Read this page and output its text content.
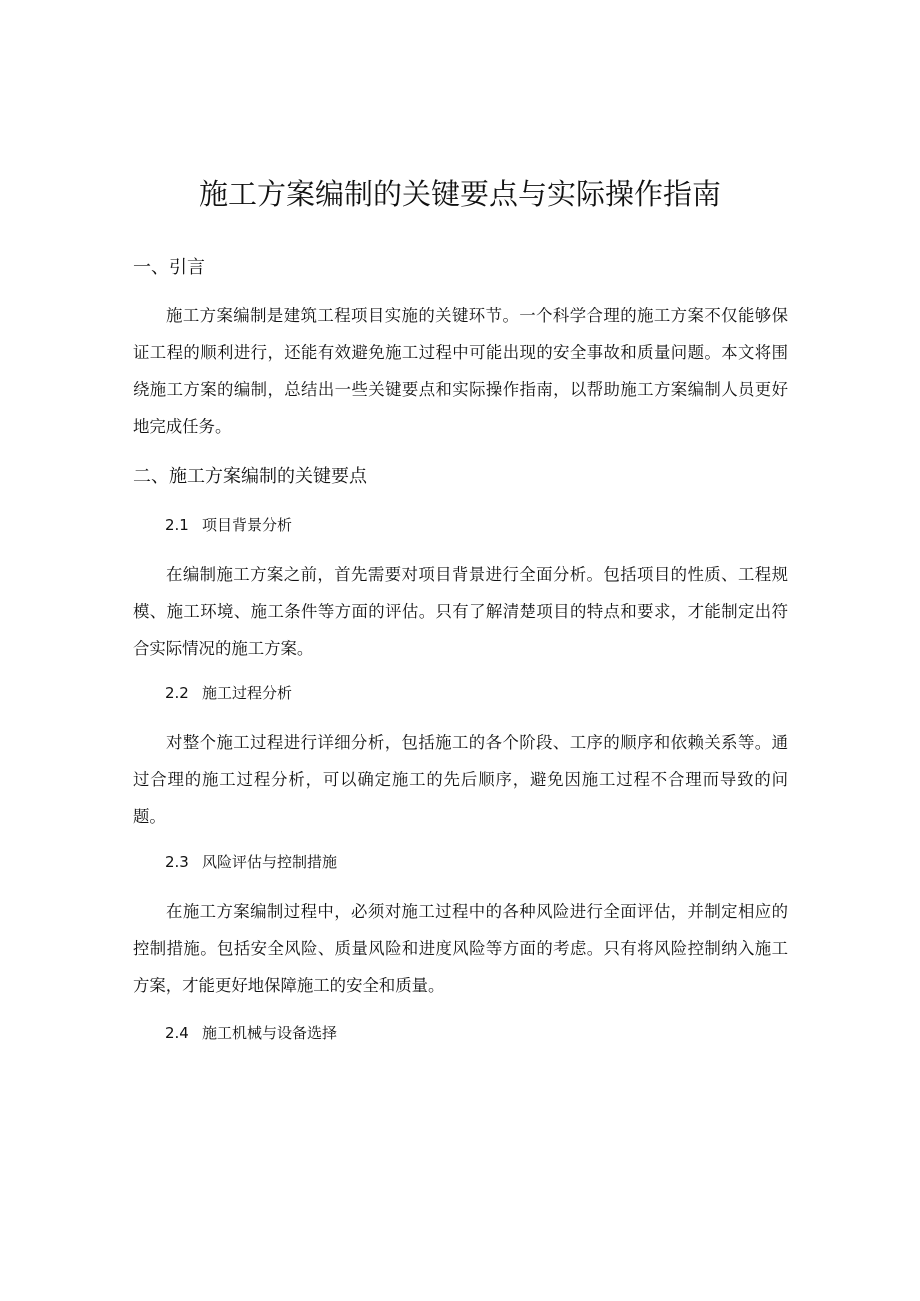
施工方案编制的关键要点与实际操作指南
一、引言

施工方案编制是建筑工程项目实施的关键环节。一个科学合理的施工方案不仅能够保证工程的顺利进行，还能有效避免施工过程中可能出现的安全事故和质量问题。本文将围绕施工方案的编制，总结出一些关键要点和实际操作指南，以帮助施工方案编制人员更好地完成任务。

二、施工方案编制的关键要点
2.1 项目背景分析

在编制施工方案之前，首先需要对项目背景进行全面分析。包括项目的性质、工程规模、施工环境、施工条件等方面的评估。只有了解清楚项目的特点和要求，才能制定出符合实际情况的施工方案。

2.2 施工过程分析

对整个施工过程进行详细分析，包括施工的各个阶段、工序的顺序和依赖关系等。通过合理的施工过程分析，可以确定施工的先后顺序，避免因施工过程不合理而导致的问题。

2.3 风险评估与控制措施

在施工方案编制过程中，必须对施工过程中的各种风险进行全面评估，并制定相应的控制措施。包括安全风险、质量风险和进度风险等方面的考虑。只有将风险控制纳入施工方案，才能更好地保障施工的安全和质量。

2.4 施工机械与设备选择
